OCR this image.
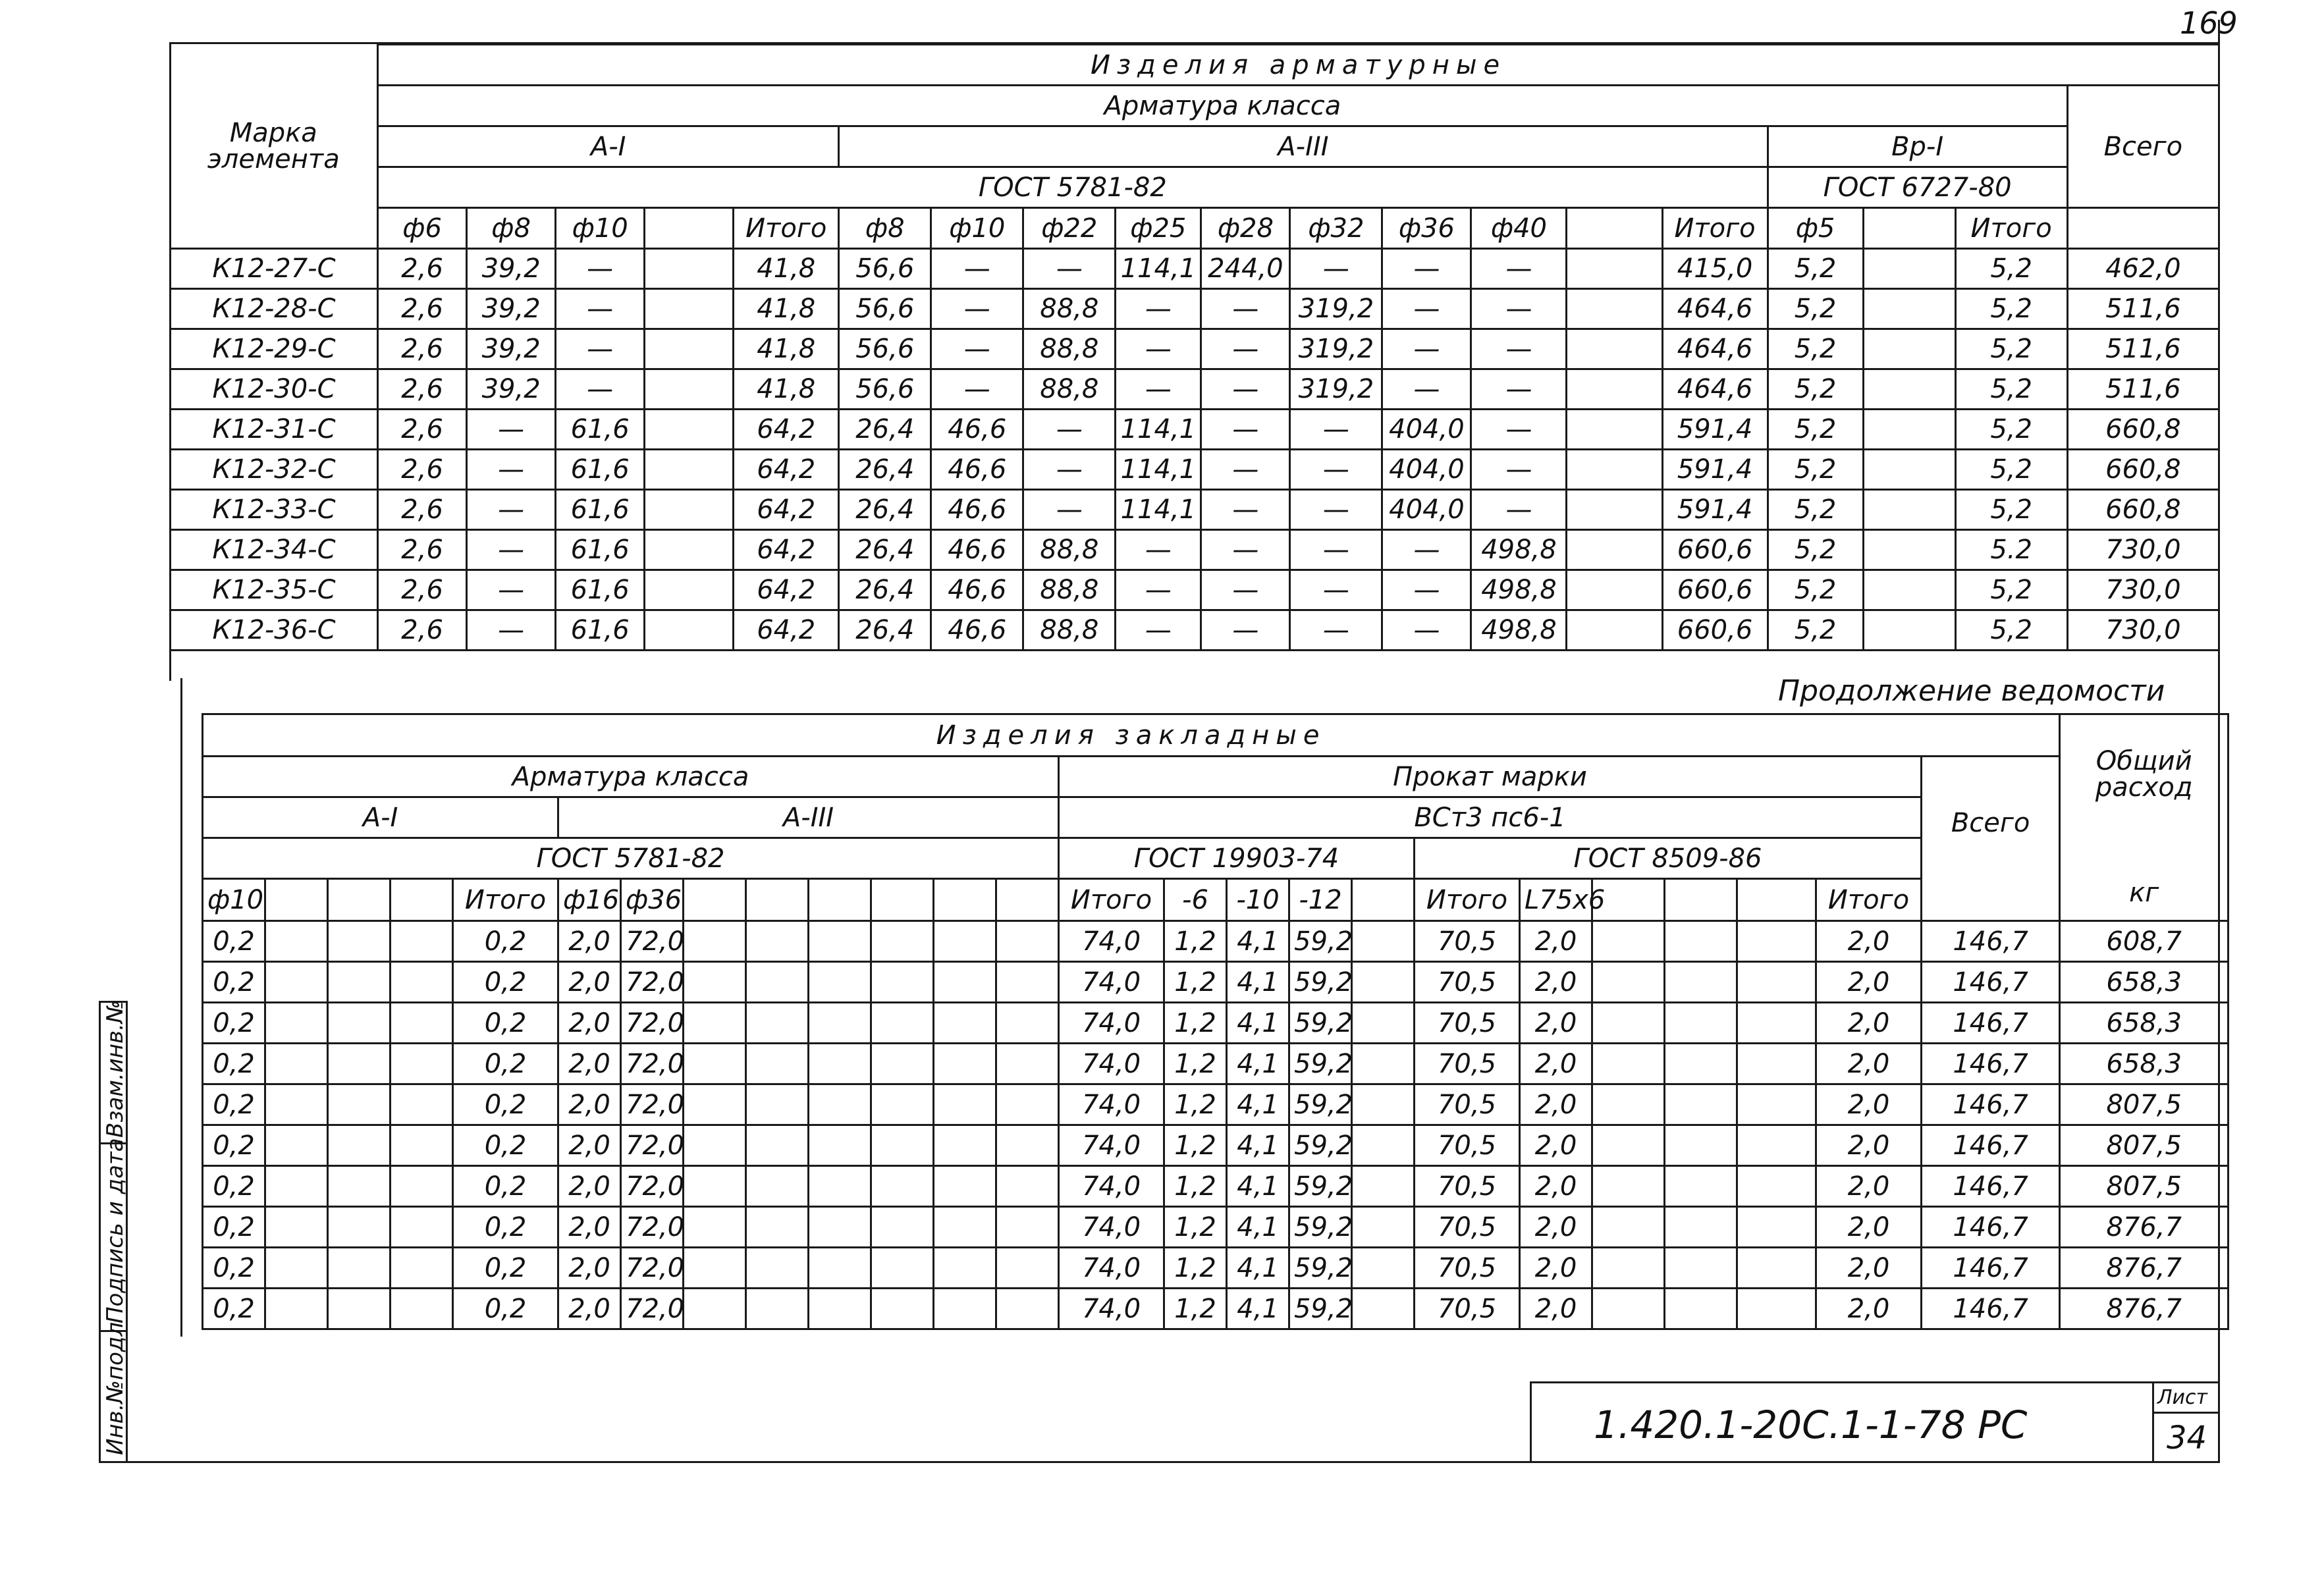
169
Марка элемента	Изделия арматурные																		
	Арматура класса																		Всего
	А-I					А-III										Вр-I			
	ГОСТ 5781-82															ГОСТ 6727-80			
	ф6	ф8	ф10		Итого	ф8	ф10	ф22	ф25	ф28	ф32	ф36	ф40		Итого	ф5		Итого	
К12-27-С	2,6	39,2	—		41,8	56,6	—	—	114,1	244,0	—	—	—		415,0	5,2		5,2	462,0
К12-28-С	2,6	39,2	—		41,8	56,6	—	88,8	—	—	319,2	—	—		464,6	5,2		5,2	511,6
К12-29-С	2,6	39,2	—		41,8	56,6	—	88,8	—	—	319,2	—	—		464,6	5,2		5,2	511,6
К12-30-С	2,6	39,2	—		41,8	56,6	—	88,8	—	—	319,2	—	—		464,6	5,2		5,2	511,6
К12-31-С	2,6	—	61,6		64,2	26,4	46,6	—	114,1	—	—	404,0	—		591,4	5,2		5,2	660,8
К12-32-С	2,6	—	61,6		64,2	26,4	46,6	—	114,1	—	—	404,0	—		591,4	5,2		5,2	660,8
К12-33-С	2,6	—	61,6		64,2	26,4	46,6	—	114,1	—	—	404,0	—		591,4	5,2		5,2	660,8
К12-34-С	2,6	—	61,6		64,2	26,4	46,6	88,8	—	—	—	—	498,8		660,6	5,2		5.2	730,0
К12-35-С	2,6	—	61,6		64,2	26,4	46,6	88,8	—	—	—	—	498,8		660,6	5,2		5,2	730,0
К12-36-С	2,6	—	61,6		64,2	26,4	46,6	88,8	—	—	—	—	498,8		660,6	5,2		5,2	730,0
Продолжение ведомости
Изделия закладные																									Общий расход
кг

Арматура класса													Прокат марки											Всего	
А-I					А-III								ВСт3 пс6-1												
ГОСТ 5781-82													ГОСТ 19903-74					ГОСТ 8509-86							
ф10				Итого	ф16	ф36							Итого	-6	-10	-12		Итого	L75x6				Итого		
0,2				0,2	2,0	72,0							74,0	1,2	4,1	59,2		70,5	2,0				2,0	146,7	608,7
0,2				0,2	2,0	72,0							74,0	1,2	4,1	59,2		70,5	2,0				2,0	146,7	658,3
0,2				0,2	2,0	72,0							74,0	1,2	4,1	59,2		70,5	2,0				2,0	146,7	658,3
0,2				0,2	2,0	72,0							74,0	1,2	4,1	59,2		70,5	2,0				2,0	146,7	658,3
0,2				0,2	2,0	72,0							74,0	1,2	4,1	59,2		70,5	2,0				2,0	146,7	807,5
0,2				0,2	2,0	72,0							74,0	1,2	4,1	59,2		70,5	2,0				2,0	146,7	807,5
0,2				0,2	2,0	72,0							74,0	1,2	4,1	59,2		70,5	2,0				2,0	146,7	807,5
0,2				0,2	2,0	72,0							74,0	1,2	4,1	59,2		70,5	2,0				2,0	146,7	876,7
0,2				0,2	2,0	72,0							74,0	1,2	4,1	59,2		70,5	2,0				2,0	146,7	876,7
0,2				0,2	2,0	72,0							74,0	1,2	4,1	59,2		70,5	2,0				2,0	146,7	876,7
Инв.№подл
Подпись и дата
Взам.инв.№
1.420.1-20С.1-1-78 РС
Лист
34
